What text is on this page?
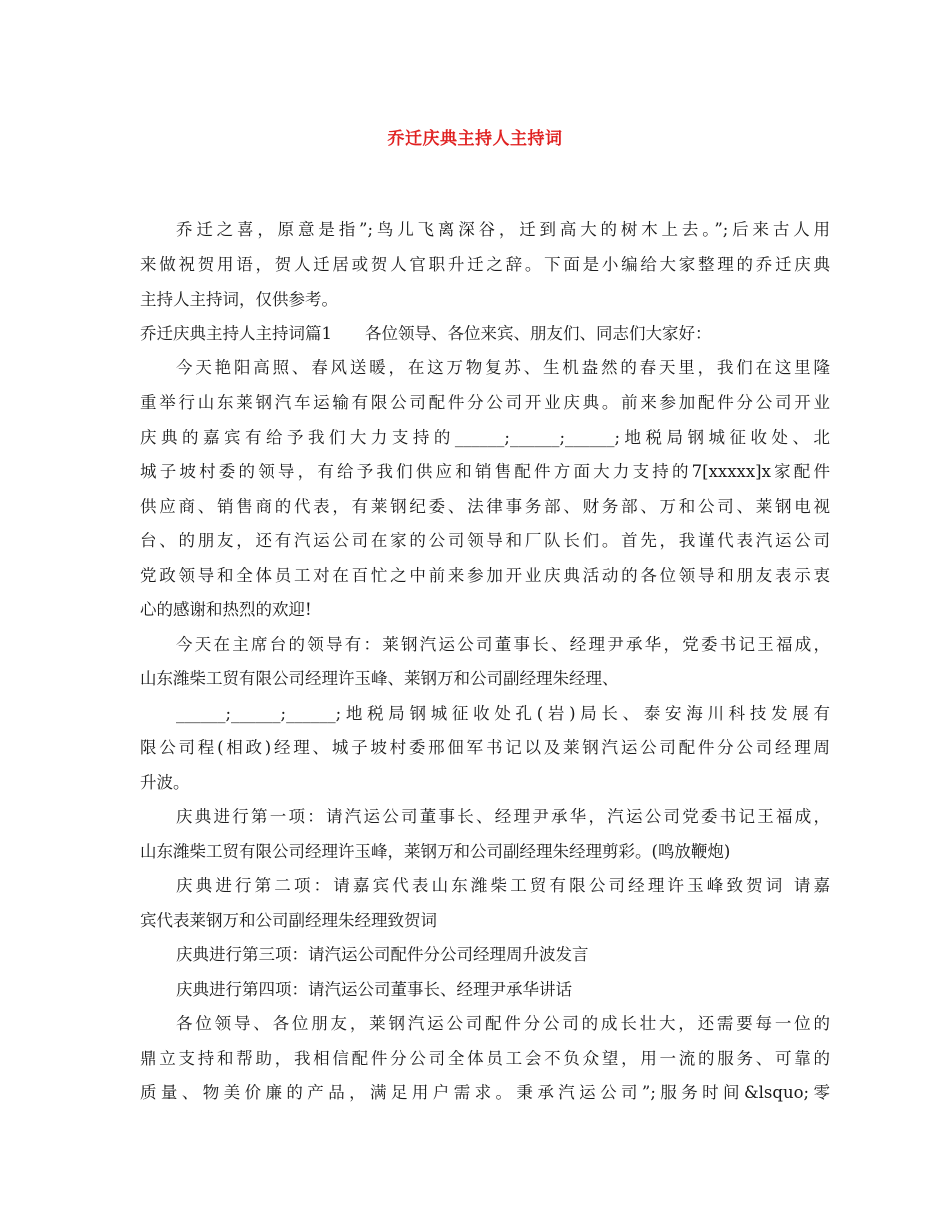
乔迁庆典主持人主持词
乔迁之喜，原意是指”;鸟儿飞离深谷，迁到高大的树木上去。”;后来古人用
来做祝贺用语，贺人迁居或贺人官职升迁之辞。下面是小编给大家整理的乔迁庆典
主持人主持词，仅供参考。
乔迁庆典主持人主持词篇1　　各位领导、各位来宾、朋友们、同志们大家好：
今天艳阳高照、春风送暖，在这万物复苏、生机盎然的春天里，我们在这里隆
重举行山东莱钢汽车运输有限公司配件分公司开业庆典。前来参加配件分公司开业
庆典的嘉宾有给予我们大力支持的______;______;______;地税局钢城征收处、北
城子坡村委的领导，有给予我们供应和销售配件方面大力支持的7[xxxxx]x家配件
供应商、销售商的代表，有莱钢纪委、法律事务部、财务部、万和公司、莱钢电视
台、的朋友，还有汽运公司在家的公司领导和厂队长们。首先，我谨代表汽运公司
党政领导和全体员工对在百忙之中前来参加开业庆典活动的各位领导和朋友表示衷
心的感谢和热烈的欢迎!
今天在主席台的领导有：莱钢汽运公司董事长、经理尹承华，党委书记王福成，
山东潍柴工贸有限公司经理许玉峰、莱钢万和公司副经理朱经理、
______;______;______;地税局钢城征收处孔(岩)局长、泰安海川科技发展有
限公司程(相政)经理、城子坡村委邢佃军书记以及莱钢汽运公司配件分公司经理周
升波。
庆典进行第一项：请汽运公司董事长、经理尹承华，汽运公司党委书记王福成，
山东潍柴工贸有限公司经理许玉峰，莱钢万和公司副经理朱经理剪彩。(鸣放鞭炮)
庆典进行第二项：请嘉宾代表山东潍柴工贸有限公司经理许玉峰致贺词 请嘉
宾代表莱钢万和公司副经理朱经理致贺词
庆典进行第三项：请汽运公司配件分公司经理周升波发言
庆典进行第四项：请汽运公司董事长、经理尹承华讲话
各位领导、各位朋友，莱钢汽运公司配件分公司的成长壮大，还需要每一位的
鼎立支持和帮助，我相信配件分公司全体员工会不负众望，用一流的服务、可靠的
质量、物美价廉的产品，满足用户需求。秉承汽运公司”;服务时间&lsquo;零
